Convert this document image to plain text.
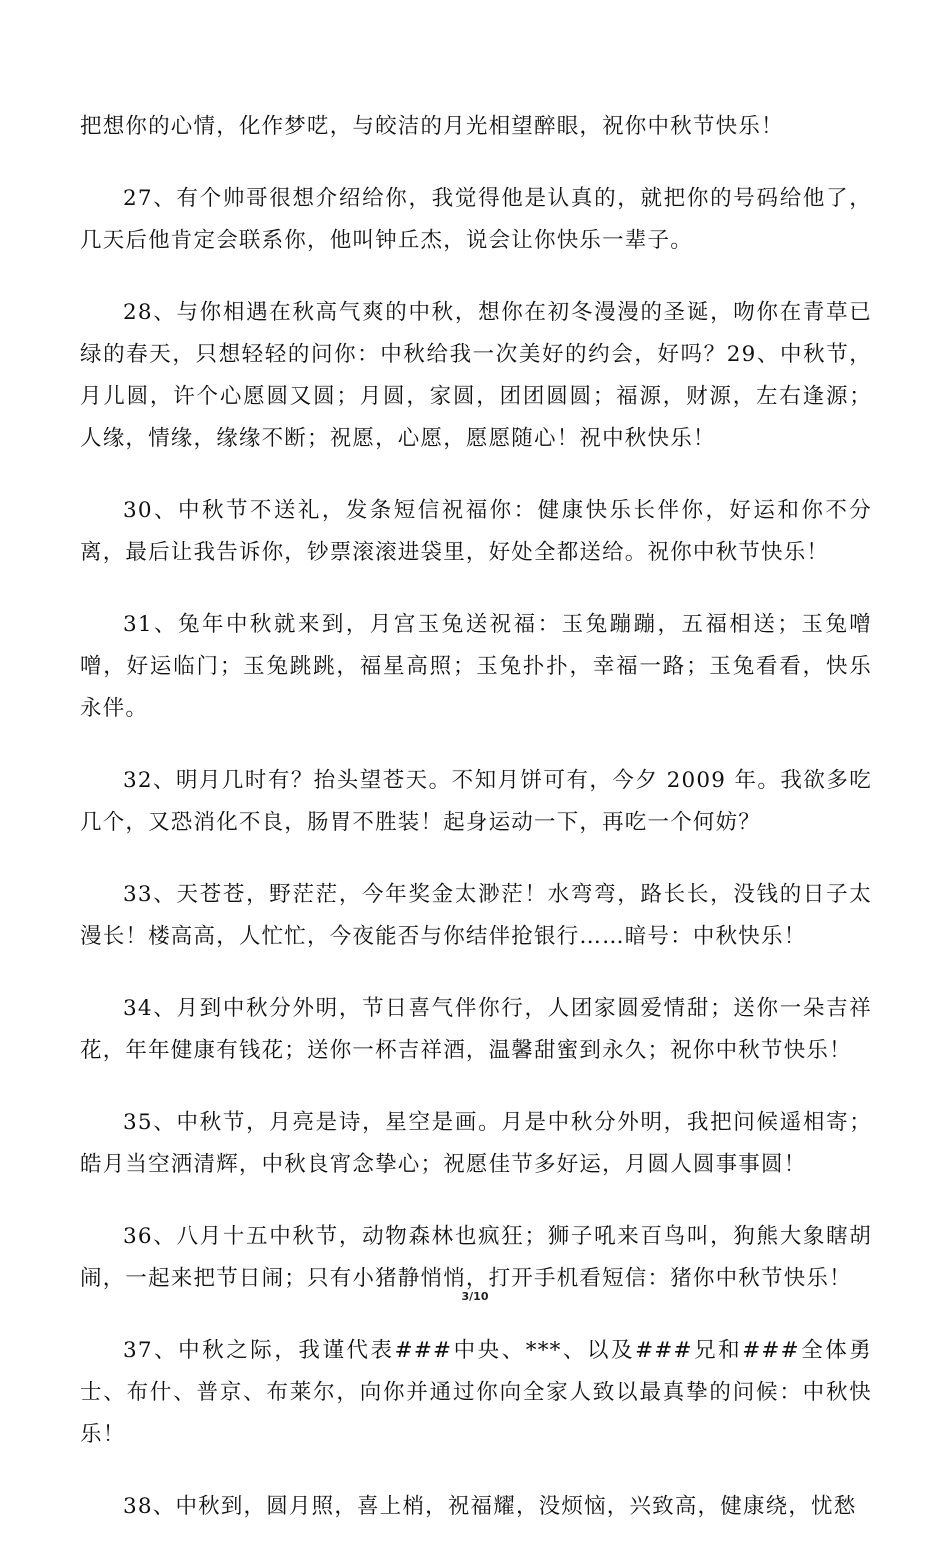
把想你的心情，化作梦呓，与皎洁的月光相望醉眼，祝你中秋节快乐！

27、有个帅哥很想介绍给你，我觉得他是认真的，就把你的号码给他了，几天后他肯定会联系你，他叫钟丘杰，说会让你快乐一辈子。

28、与你相遇在秋高气爽的中秋，想你在初冬漫漫的圣诞，吻你在青草已绿的春天，只想轻轻的问你：中秋给我一次美好的约会，好吗？29、中秋节，月儿圆，许个心愿圆又圆；月圆，家圆，团团圆圆；福源，财源，左右逢源；人缘，情缘，缘缘不断；祝愿，心愿，愿愿随心！祝中秋快乐！

30、中秋节不送礼，发条短信祝福你：健康快乐长伴你，好运和你不分离，最后让我告诉你，钞票滚滚进袋里，好处全都送给。祝你中秋节快乐！

31、兔年中秋就来到，月宫玉兔送祝福：玉兔蹦蹦，五福相送；玉兔噌噌，好运临门；玉兔跳跳，福星高照；玉兔扑扑，幸福一路；玉兔看看，快乐永伴。

32、明月几时有？抬头望苍天。不知月饼可有，今夕 2009 年。我欲多吃几个，又恐消化不良，肠胃不胜装！起身运动一下，再吃一个何妨？

33、天苍苍，野茫茫，今年奖金太渺茫！水弯弯，路长长，没钱的日子太漫长！楼高高，人忙忙，今夜能否与你结伴抢银行……暗号：中秋快乐！

34、月到中秋分外明，节日喜气伴你行，人团家圆爱情甜；送你一朵吉祥花，年年健康有钱花；送你一杯吉祥酒，温馨甜蜜到永久；祝你中秋节快乐！

35、中秋节，月亮是诗，星空是画。月是中秋分外明，我把问候遥相寄；皓月当空洒清辉，中秋良宵念挚心；祝愿佳节多好运，月圆人圆事事圆！

36、八月十五中秋节，动物森林也疯狂；狮子吼来百鸟叫，狗熊大象瞎胡闹，一起来把节日闹；只有小猪静悄悄，打开手机看短信：猪你中秋节快乐！

37、中秋之际，我谨代表###中央、***、以及###兄和###全体勇士、布什、普京、布莱尔，向你并通过你向全家人致以最真挚的问候：中秋快乐！

38、中秋到，圆月照，喜上梢，祝福耀，没烦恼，兴致高，健康绕，忧愁

3/10
